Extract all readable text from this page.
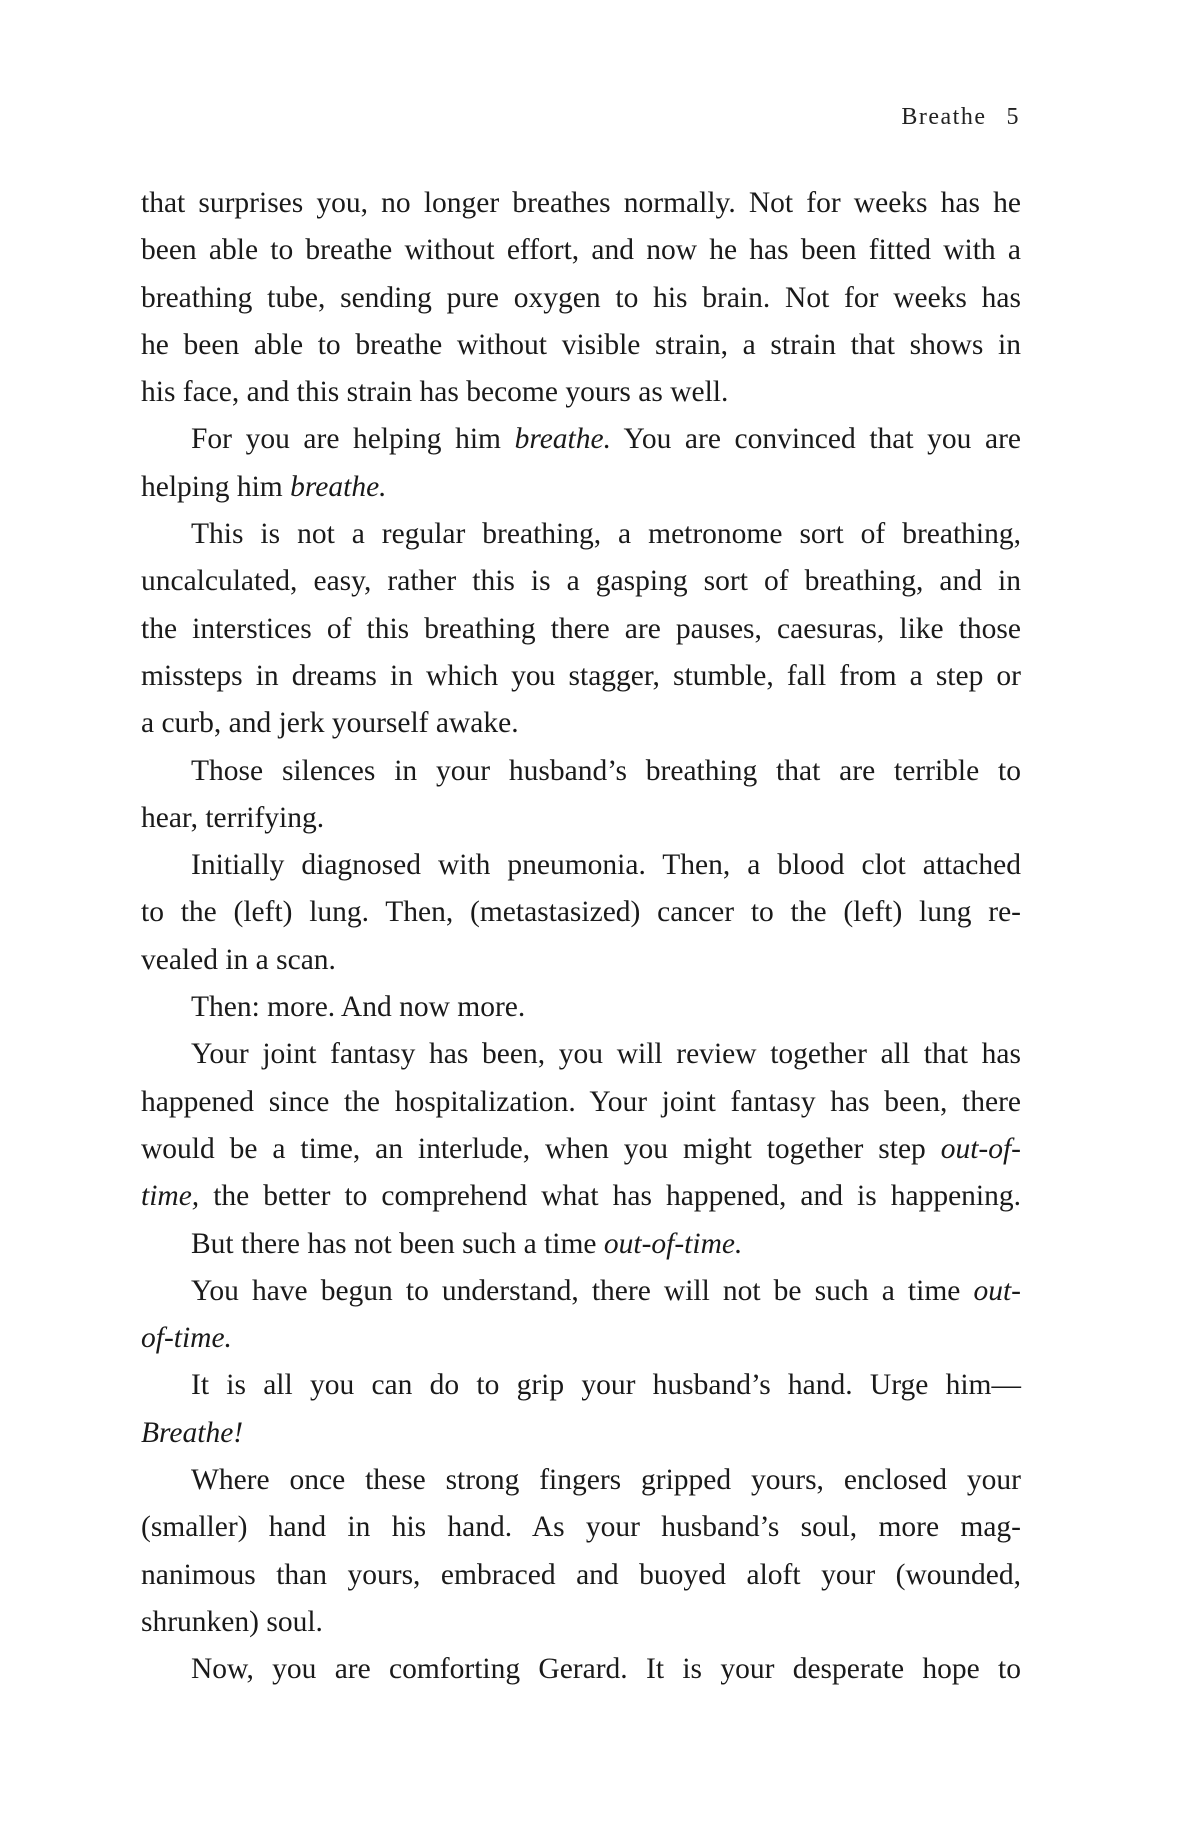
Breathe 5

that surprises you, no longer breathes normally. Not for weeks has he

been able to breathe without effort, and now he has been fitted with a

breathing tube, sending pure oxygen to his brain. Not for weeks has

he been able to breathe without visible strain, a strain that shows in

his face, and this strain has become yours as well.

For you are helping him breathe. You are convinced that you are

helping him breathe.

This is not a regular breathing, a metronome sort of breathing,

uncalculated, easy, rather this is a gasping sort of breathing, and in

the interstices of this breathing there are pauses, caesuras, like those

missteps in dreams in which you stagger, stumble, fall from a step or

a curb, and jerk yourself awake.

Those silences in your husband’s breathing that are terrible to

hear, terrifying.

Initially diagnosed with pneumonia. Then, a blood clot attached

to the (left) lung. Then, (metastasized) cancer to the (left) lung re-

vealed in a scan.

Then: more. And now more.

Your joint fantasy has been, you will review together all that has

happened since the hospitalization. Your joint fantasy has been, there

would be a time, an interlude, when you might together step out-of-

time, the better to comprehend what has happened, and is happening.

But there has not been such a time out-of-time.

You have begun to understand, there will not be such a time out-

of-time.

It is all you can do to grip your husband’s hand. Urge him—

Breathe!

Where once these strong fingers gripped yours, enclosed your

(smaller) hand in his hand. As your husband’s soul, more mag-

nanimous than yours, embraced and buoyed aloft your (wounded,

shrunken) soul.

Now, you are comforting Gerard. It is your desperate hope to
